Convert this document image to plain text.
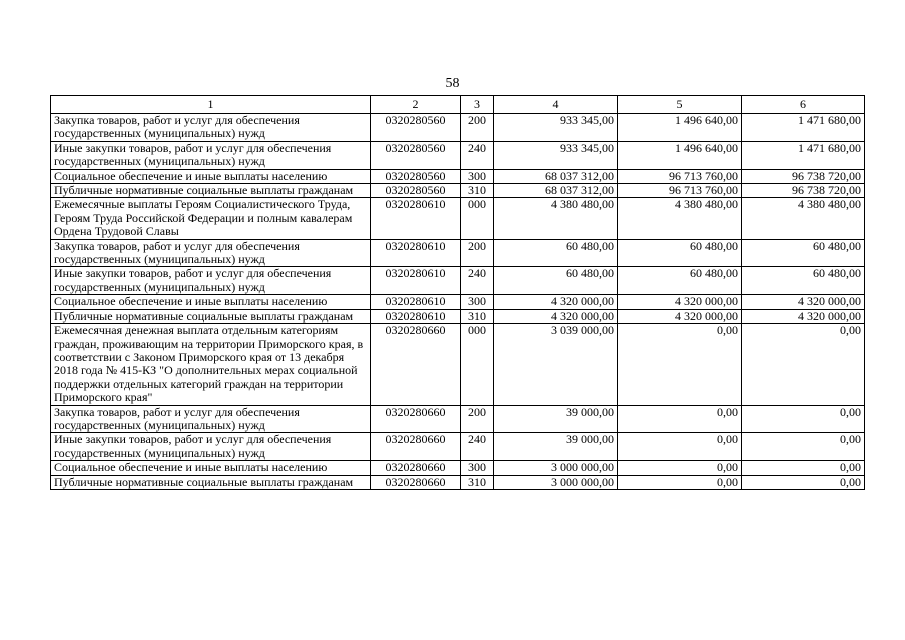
58
1	2	3	4	5	6
Закупка товаров, работ и услуг для обеспечения государственных (муниципальных) нужд	0320280560	200	933 345,00	1 496 640,00	1 471 680,00
Иные закупки товаров, работ и услуг для обеспечения государственных (муниципальных) нужд	0320280560	240	933 345,00	1 496 640,00	1 471 680,00
Социальное обеспечение и иные выплаты населению	0320280560	300	68 037 312,00	96 713 760,00	96 738 720,00
Публичные нормативные социальные выплаты гражданам	0320280560	310	68 037 312,00	96 713 760,00	96 738 720,00
Ежемесячные выплаты Героям Социалистического Труда, Героям Труда Российской Федерации и полным кавалерам Ордена Трудовой Славы	0320280610	000	4 380 480,00	4 380 480,00	4 380 480,00
Закупка товаров, работ и услуг для обеспечения государственных (муниципальных) нужд	0320280610	200	60 480,00	60 480,00	60 480,00
Иные закупки товаров, работ и услуг для обеспечения государственных (муниципальных) нужд	0320280610	240	60 480,00	60 480,00	60 480,00
Социальное обеспечение и иные выплаты населению	0320280610	300	4 320 000,00	4 320 000,00	4 320 000,00
Публичные нормативные социальные выплаты гражданам	0320280610	310	4 320 000,00	4 320 000,00	4 320 000,00
Ежемесячная денежная выплата отдельным категориям граждан, проживающим на территории Приморского края, в соответствии с Законом Приморского края от 13 декабря 2018 года № 415-КЗ "О дополнительных мерах социальной поддержки отдельных категорий граждан на территории Приморского края"	0320280660	000	3 039 000,00	0,00	0,00
Закупка товаров, работ и услуг для обеспечения государственных (муниципальных) нужд	0320280660	200	39 000,00	0,00	0,00
Иные закупки товаров, работ и услуг для обеспечения государственных (муниципальных) нужд	0320280660	240	39 000,00	0,00	0,00
Социальное обеспечение и иные выплаты населению	0320280660	300	3 000 000,00	0,00	0,00
Публичные нормативные социальные выплаты гражданам	0320280660	310	3 000 000,00	0,00	0,00
